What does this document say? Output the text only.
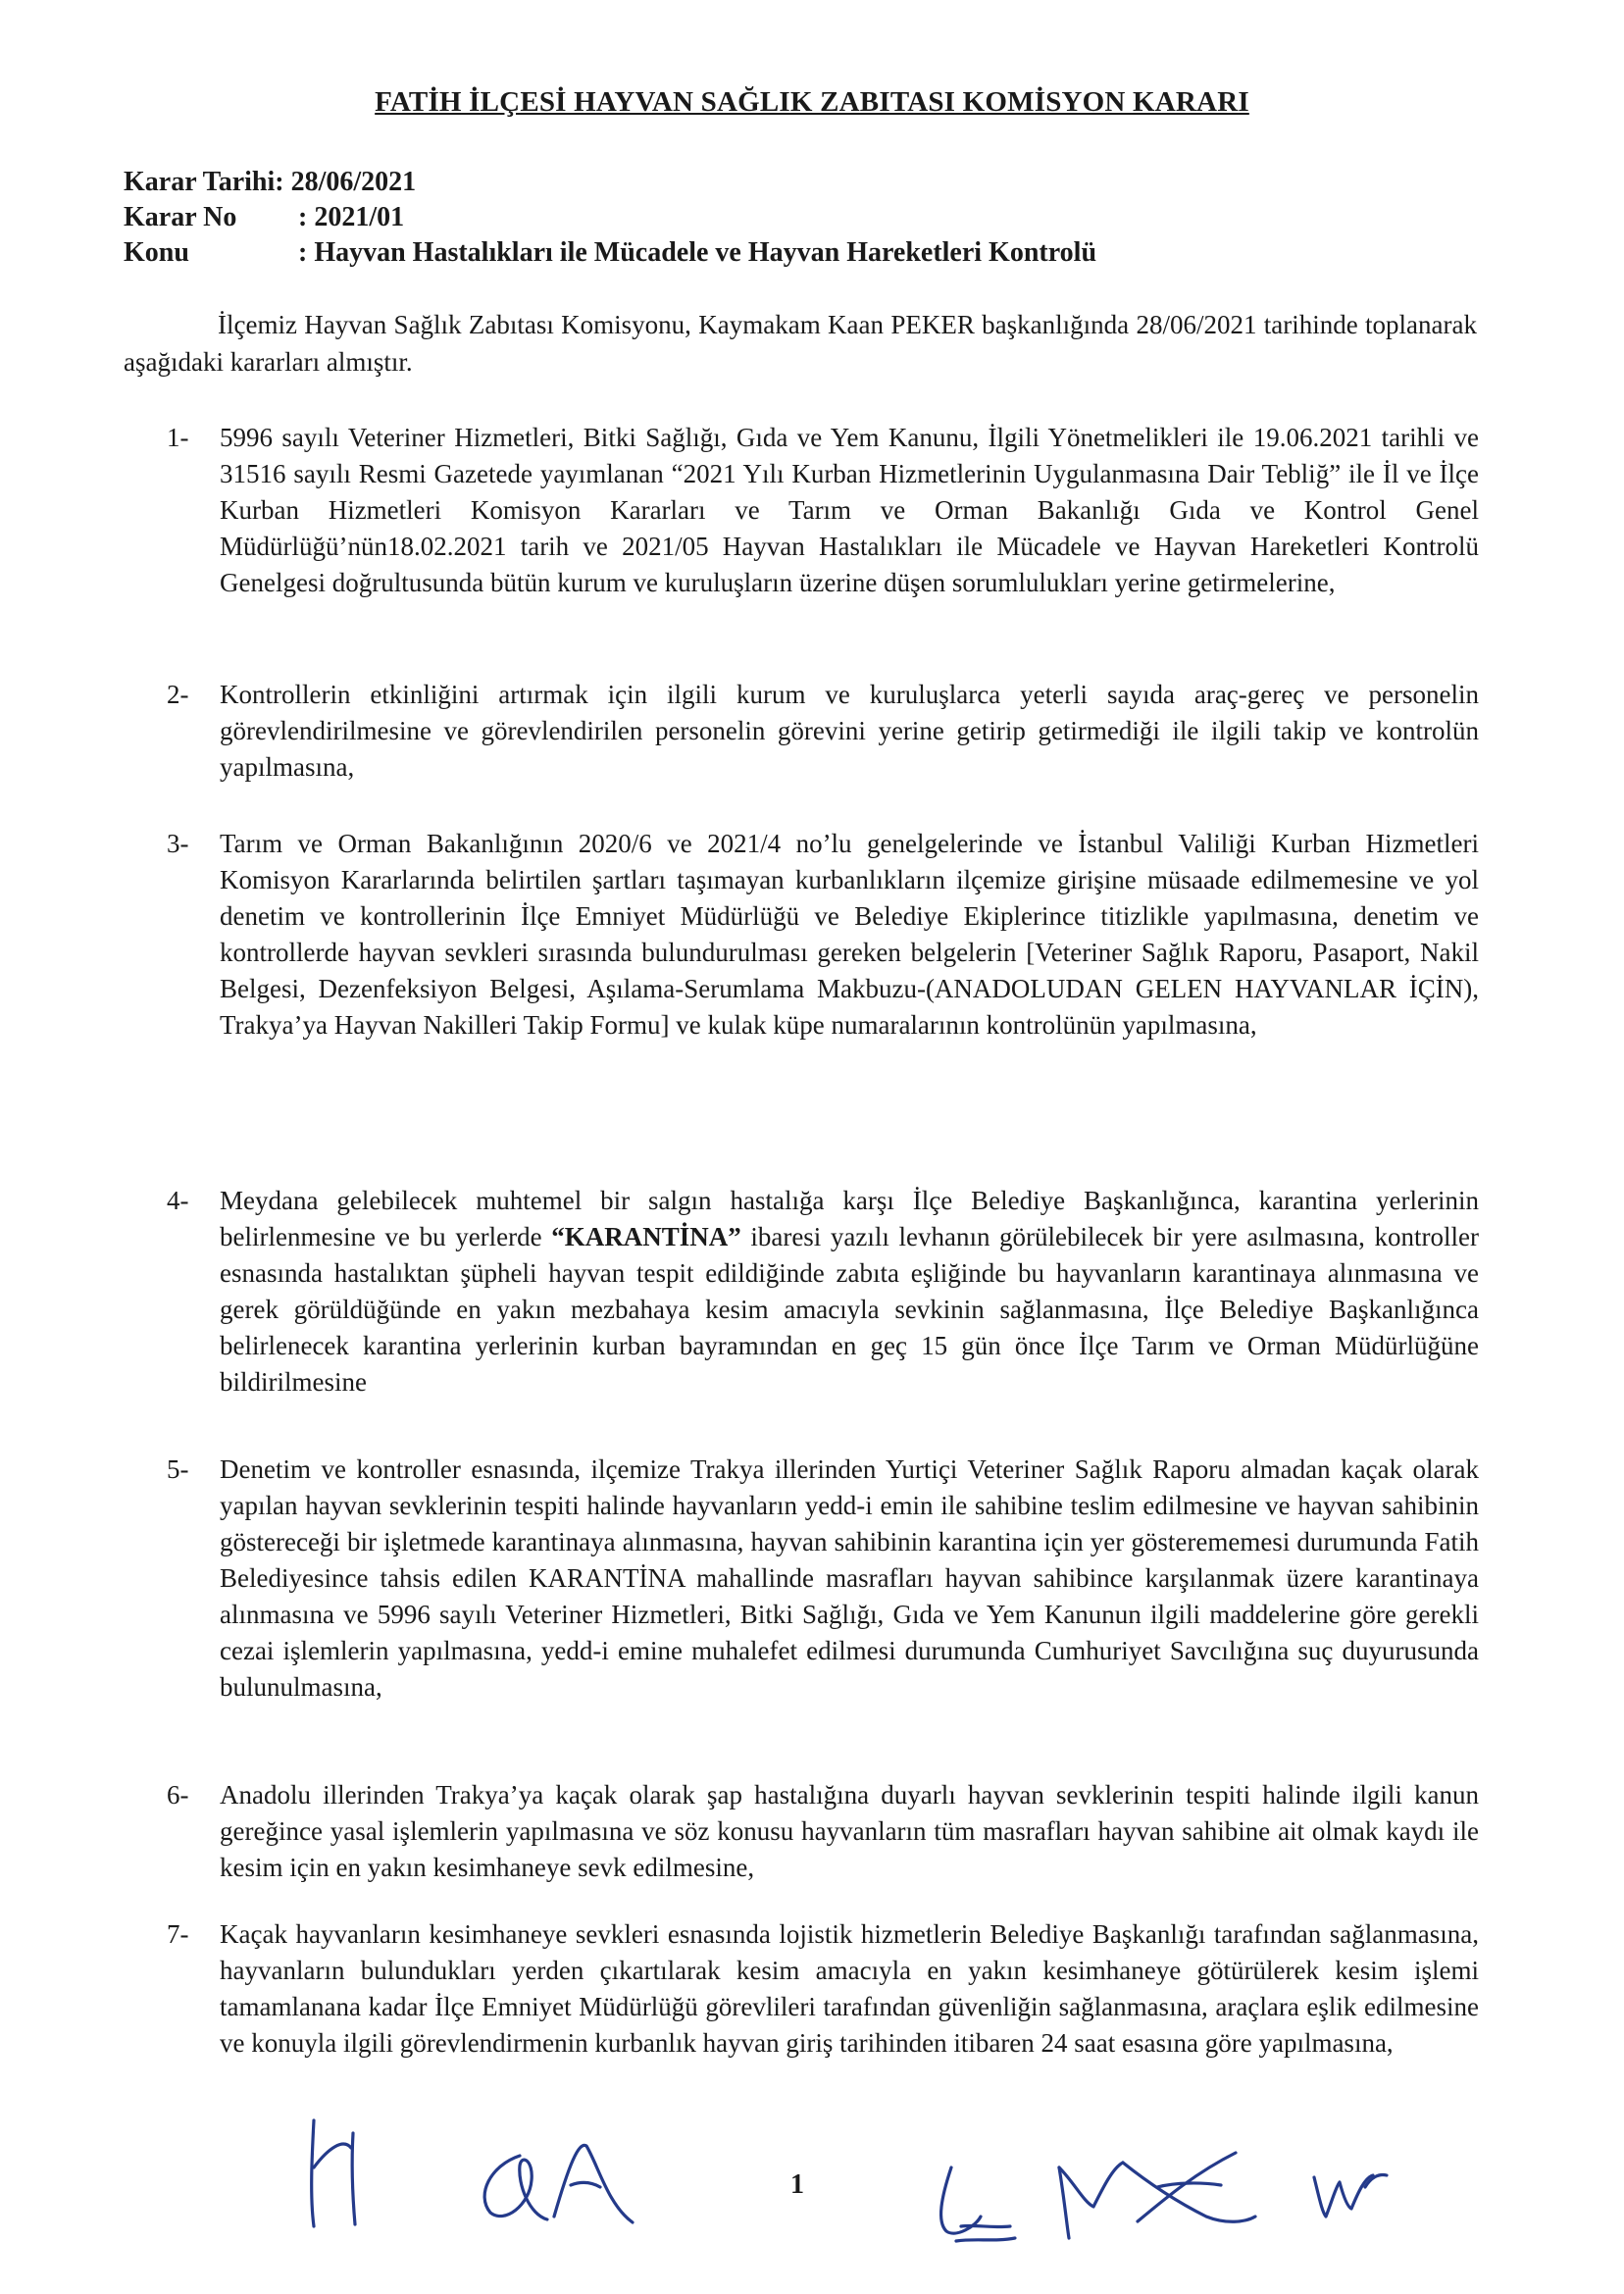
FATİH İLÇESİ HAYVAN SAĞLIK ZABITASI KOMİSYON KARARI
Karar Tarihi: 28/06/2021
Karar No : 2021/01
Konu	: Hayvan Hastalıkları ile Mücadele ve Hayvan Hareketleri Kontrolü
İlçemiz Hayvan Sağlık Zabıtası Komisyonu, Kaymakam Kaan PEKER başkanlığında 28/06/2021 tarihinde toplanarak aşağıdaki kararları almıştır.
1-	5996 sayılı Veteriner Hizmetleri, Bitki Sağlığı, Gıda ve Yem Kanunu, İlgili Yönetmelikleri ile 19.06.2021 tarihli ve 31516 sayılı Resmi Gazetede yayımlanan “2021 Yılı Kurban Hizmetlerinin Uygulanmasına Dair Tebliğ” ile İl ve İlçe Kurban Hizmetleri Komisyon Kararları ve Tarım ve Orman Bakanlığı Gıda ve Kontrol Genel Müdürlüğü’nün18.02.2021 tarih ve 2021/05 Hayvan Hastalıkları ile Mücadele ve Hayvan Hareketleri Kontrolü Genelgesi doğrultusunda bütün kurum ve kuruluşların üzerine düşen sorumlulukları yerine getirmelerine,
2-	Kontrollerin etkinliğini artırmak için ilgili kurum ve kuruluşlarca yeterli sayıda araç-gereç ve personelin görevlendirilmesine ve görevlendirilen personelin görevini yerine getirip getirmediği ile ilgili takip ve kontrolün yapılmasına,
3-	Tarım ve Orman Bakanlığının 2020/6 ve 2021/4 no’lu genelgelerinde ve İstanbul Valiliği Kurban Hizmetleri Komisyon Kararlarında belirtilen şartları taşımayan kurbanlıkların ilçemize girişine müsaade edilmemesine ve yol denetim ve kontrollerinin İlçe Emniyet Müdürlüğü ve Belediye Ekiplerince titizlikle yapılmasına, denetim ve kontrollerde hayvan sevkleri sırasında bulundurulması gereken belgelerin [Veteriner Sağlık Raporu, Pasaport, Nakil Belgesi, Dezenfeksiyon Belgesi, Aşılama-Serumlama Makbuzu-(ANADOLUDAN GELEN HAYVANLAR İÇİN), Trakya’ya Hayvan Nakilleri Takip Formu] ve kulak küpe numaralarının kontrolünün yapılmasına,
4-	Meydana gelebilecek muhtemel bir salgın hastalığa karşı İlçe Belediye Başkanlığınca, karantina yerlerinin belirlenmesine ve bu yerlerde “KARANTİNA” ibaresi yazılı levhanın görülebilecek bir yere asılmasına, kontroller esnasında hastalıktan şüpheli hayvan tespit edildiğinde zabıta eşliğinde bu hayvanların karantinaya alınmasına ve gerek görüldüğünde en yakın mezbahaya kesim amacıyla sevkinin sağlanmasına, İlçe Belediye Başkanlığınca belirlenecek karantina yerlerinin kurban bayramından en geç 15 gün önce İlçe Tarım ve Orman Müdürlüğüne bildirilmesine
5-	Denetim ve kontroller esnasında, ilçemize Trakya illerinden Yurtiçi Veteriner Sağlık Raporu almadan kaçak olarak yapılan hayvan sevklerinin tespiti halinde hayvanların yedd-i emin ile sahibine teslim edilmesine ve hayvan sahibinin göstereceği bir işletmede karantinaya alınmasına, hayvan sahibinin karantina için yer gösterememesi durumunda Fatih Belediyesince tahsis edilen KARANTİNA mahallinde masrafları hayvan sahibince karşılanmak üzere karantinaya alınmasına ve 5996 sayılı Veteriner Hizmetleri, Bitki Sağlığı, Gıda ve Yem Kanunun ilgili maddelerine göre gerekli cezai işlemlerin yapılmasına, yedd-i emine muhalefet edilmesi durumunda Cumhuriyet Savcılığına suç duyurusunda bulunulmasına,
6-	Anadolu illerinden Trakya’ya kaçak olarak şap hastalığına duyarlı hayvan sevklerinin tespiti halinde ilgili kanun gereğince yasal işlemlerin yapılmasına ve söz konusu hayvanların tüm masrafları hayvan sahibine ait olmak kaydı ile kesim için en yakın kesimhaneye sevk edilmesine,
7-	Kaçak hayvanların kesimhaneye sevkleri esnasında lojistik hizmetlerin Belediye Başkanlığı tarafından sağlanmasına, hayvanların bulundukları yerden çıkartılarak kesim amacıyla en yakın kesimhaneye götürülerek kesim işlemi tamamlanana kadar İlçe Emniyet Müdürlüğü görevlileri tarafından güvenliğin sağlanmasına, araçlara eşlik edilmesine ve konuyla ilgili görevlendirmenin kurbanlık hayvan giriş tarihinden itibaren 24 saat esasına göre yapılmasına,
1
